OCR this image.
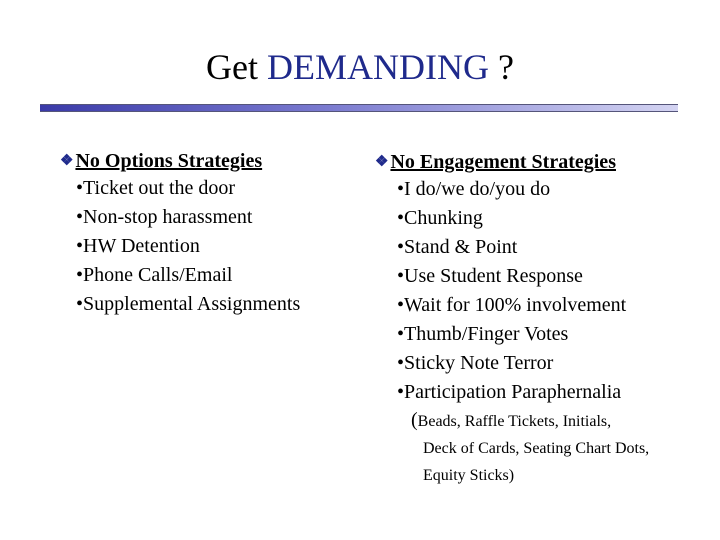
Get DEMANDING ?
❖ No Options Strategies
•Ticket out the door
•Non-stop harassment
•HW Detention
•Phone Calls/Email
•Supplemental Assignments
❖ No Engagement Strategies
•I do/we do/you do
•Chunking
•Stand & Point
•Use Student Response
•Wait for 100% involvement
•Thumb/Finger Votes
•Sticky Note Terror
•Participation Paraphernalia
(Beads, Raffle Tickets, Initials,
Deck of Cards, Seating Chart Dots,
Equity Sticks)
